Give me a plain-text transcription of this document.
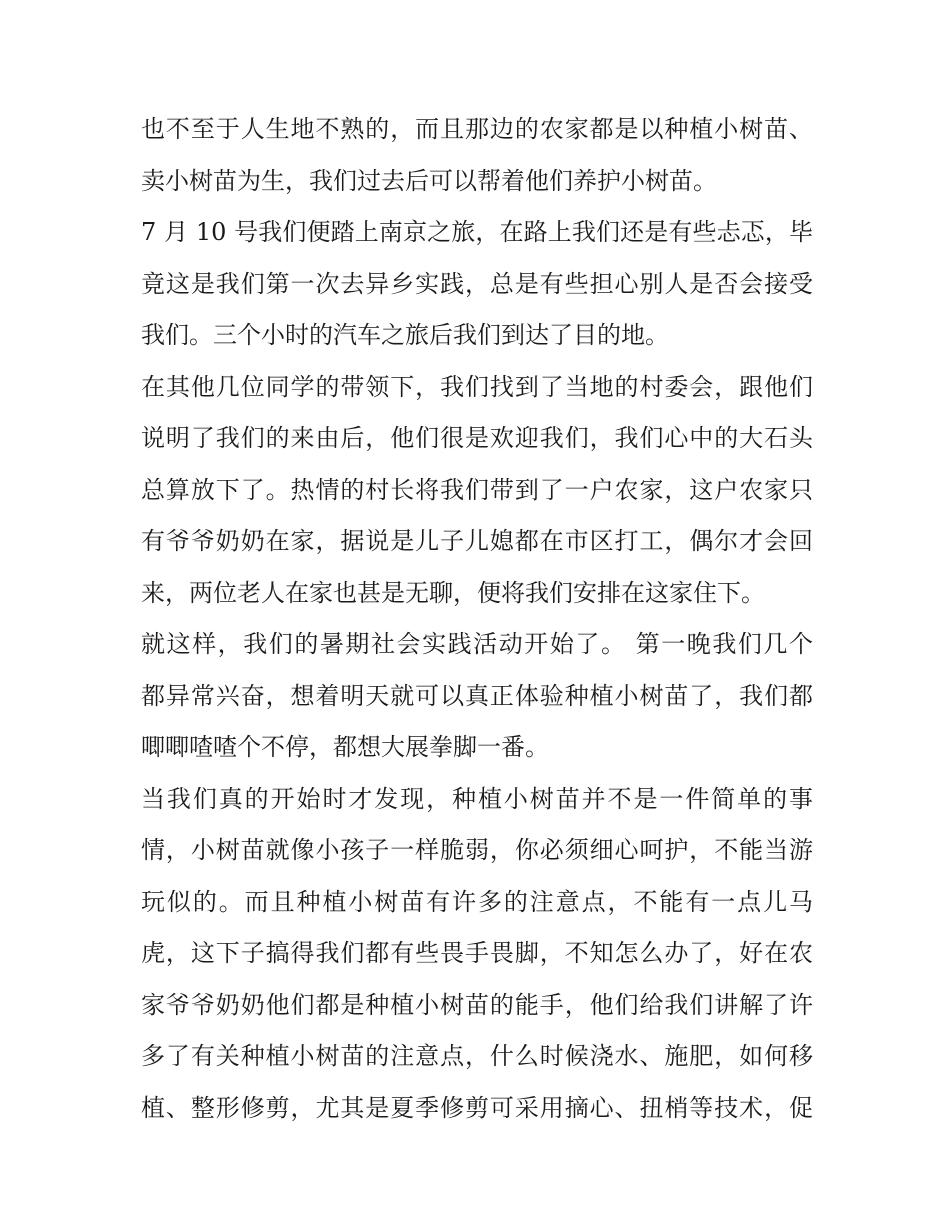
也不至于人生地不熟的，而且那边的农家都是以种植小树苗、
卖小树苗为生，我们过去后可以帮着他们养护小树苗。
7 月 10 号我们便踏上南京之旅，在路上我们还是有些忐忑，毕
竟这是我们第一次去异乡实践，总是有些担心别人是否会接受
我们。三个小时的汽车之旅后我们到达了目的地。
在其他几位同学的带领下，我们找到了当地的村委会，跟他们
说明了我们的来由后，他们很是欢迎我们，我们心中的大石头
总算放下了。热情的村长将我们带到了一户农家，这户农家只
有爷爷奶奶在家，据说是儿子儿媳都在市区打工，偶尔才会回
来，两位老人在家也甚是无聊，便将我们安排在这家住下。
就这样，我们的暑期社会实践活动开始了。 第一晚我们几个
都异常兴奋，想着明天就可以真正体验种植小树苗了，我们都
唧唧喳喳个不停，都想大展拳脚一番。
当我们真的开始时才发现，种植小树苗并不是一件简单的事
情，小树苗就像小孩子一样脆弱，你必须细心呵护，不能当游
玩似的。而且种植小树苗有许多的注意点，不能有一点儿马
虎，这下子搞得我们都有些畏手畏脚，不知怎么办了，好在农
家爷爷奶奶他们都是种植小树苗的能手，他们给我们讲解了许
多了有关种植小树苗的注意点，什么时候浇水、施肥，如何移
植、整形修剪，尤其是夏季修剪可采用摘心、扭梢等技术，促
